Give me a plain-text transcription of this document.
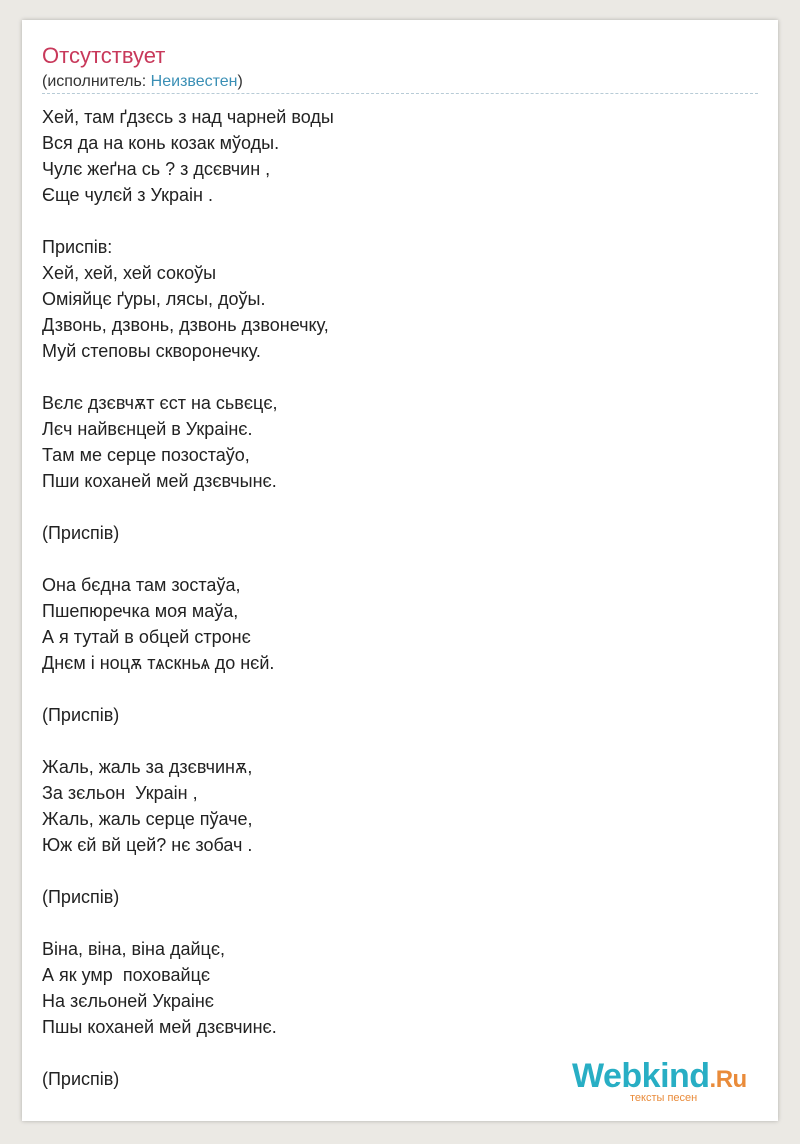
Отсутствует
(исполнитель: Неизвестен)
Хей, там ґдзєсь з над чарней воды
Вся да на конь козак мўоды.
Чулє жеґна сь ? з дсєвчин ,
Єще чулєй з Украін .
Приспів:
Хей, хей, хей сокоўы
Оміяйцє ґуры, лясы, доўы.
Дзвонь, дзвонь, дзвонь дзвонечку,
Муй степовы скворонечку.
Вєлє дзєвчѫт єст на сьвєцє,
Лєч найвєнцей в Украінє.
Там ме серце позостаўо,
Пши коханей мей дзєвчынє.
(Приспів)
Она бєдна там зостаўа,
Пшепюречка моя маўа,
А я тутай в обцей стронє
Днєм і ноцѫ тѧскньѧ до нєй.
(Приспів)
Жаль, жаль за дзєвчинѫ,
За зєльон  Украін ,
Жаль, жаль серце пўаче,
Юж єй вй цей? нє зобач .
(Приспів)
Віна, віна, віна дайцє,
А як умр  поховайцє
На зєльоней Украінє
Пшы коханей мей дзєвчинє.
(Приспів)	Webkind.Ru
тексты песен
